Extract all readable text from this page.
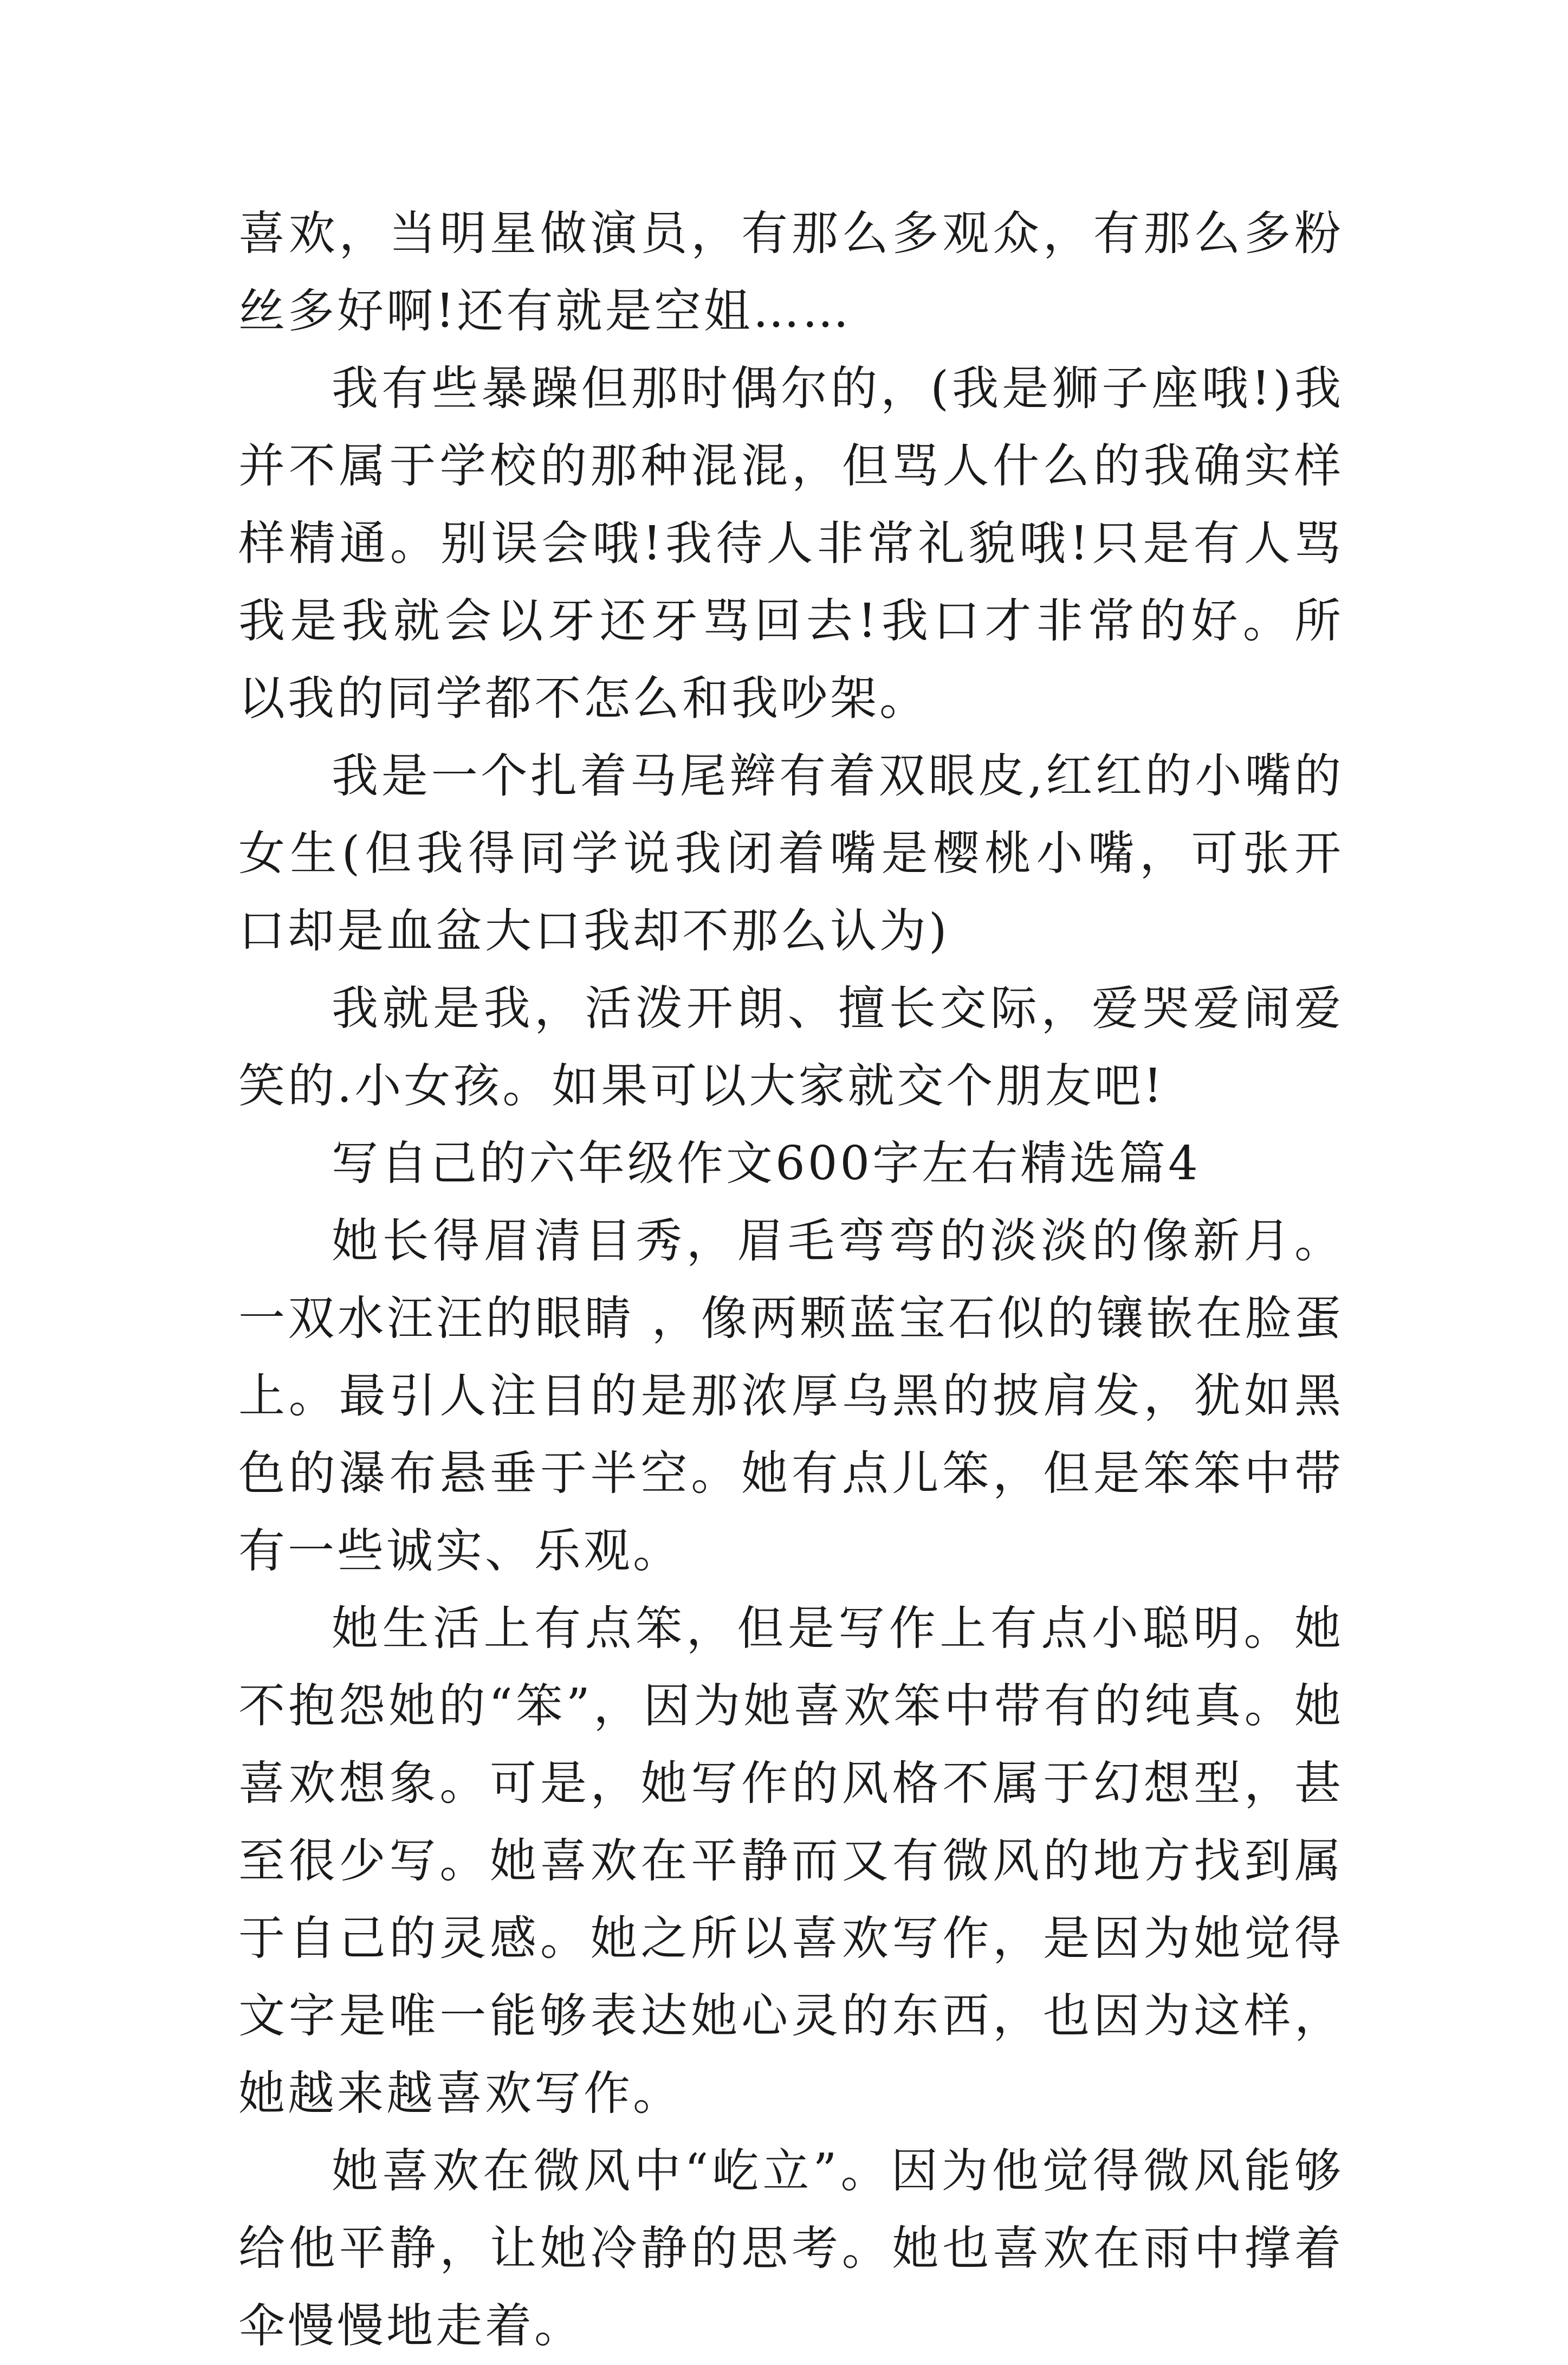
喜欢，当明星做演员，有那么多观众，有那么多粉丝多好啊!还有就是空姐……

我有些暴躁但那时偶尔的，(我是狮子座哦!)我并不属于学校的那种混混，但骂人什么的我确实样样精通。别误会哦!我待人非常礼貌哦!只是有人骂我是我就会以牙还牙骂回去!我口才非常的好。所以我的同学都不怎么和我吵架。

我是一个扎着马尾辫有着双眼皮,红红的小嘴的女生(但我得同学说我闭着嘴是樱桃小嘴，可张开口却是血盆大口我却不那么认为)

我就是我，活泼开朗、擅长交际，爱哭爱闹爱笑的.小女孩。如果可以大家就交个朋友吧!

写自己的六年级作文600字左右精选篇4

她长得眉清目秀，眉毛弯弯的淡淡的像新月。一双水汪汪的眼睛 ，像两颗蓝宝石似的镶嵌在脸蛋上。最引人注目的是那浓厚乌黑的披肩发，犹如黑色的瀑布悬垂于半空。她有点儿笨，但是笨笨中带有一些诚实、乐观。

她生活上有点笨，但是写作上有点小聪明。她不抱怨她的“笨”，因为她喜欢笨中带有的纯真。她喜欢想象。可是，她写作的风格不属于幻想型，甚至很少写。她喜欢在平静而又有微风的地方找到属于自己的灵感。她之所以喜欢写作，是因为她觉得文字是唯一能够表达她心灵的东西，也因为这样，她越来越喜欢写作。

她喜欢在微风中“屹立”。因为他觉得微风能够给他平静，让她冷静的思考。她也喜欢在雨中撑着伞慢慢地走着。
